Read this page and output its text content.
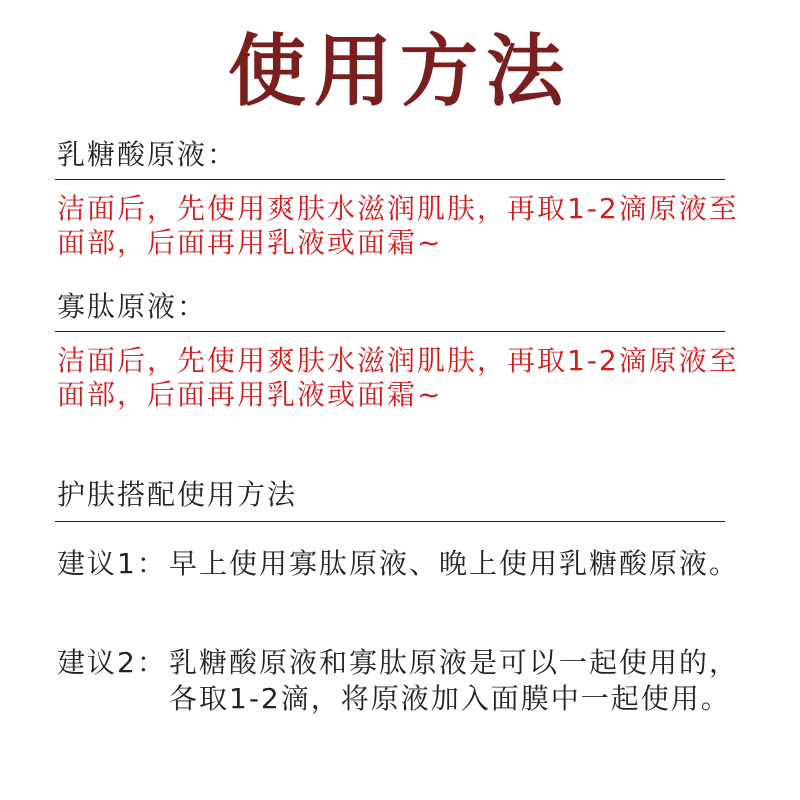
使用方法
乳糖酸原液：
洁面后，先使用爽肤水滋润肌肤，再取1-2滴原液至面部，后面再用乳液或面霜~
寡肽原液：
洁面后，先使用爽肤水滋润肌肤，再取1-2滴原液至面部，后面再用乳液或面霜~
护肤搭配使用方法
建议1： 早上使用寡肽原液、晚上使用乳糖酸原液。
建议2： 乳糖酸原液和寡肽原液是可以一起使用的，各取1-2滴，将原液加入面膜中一起使用。
